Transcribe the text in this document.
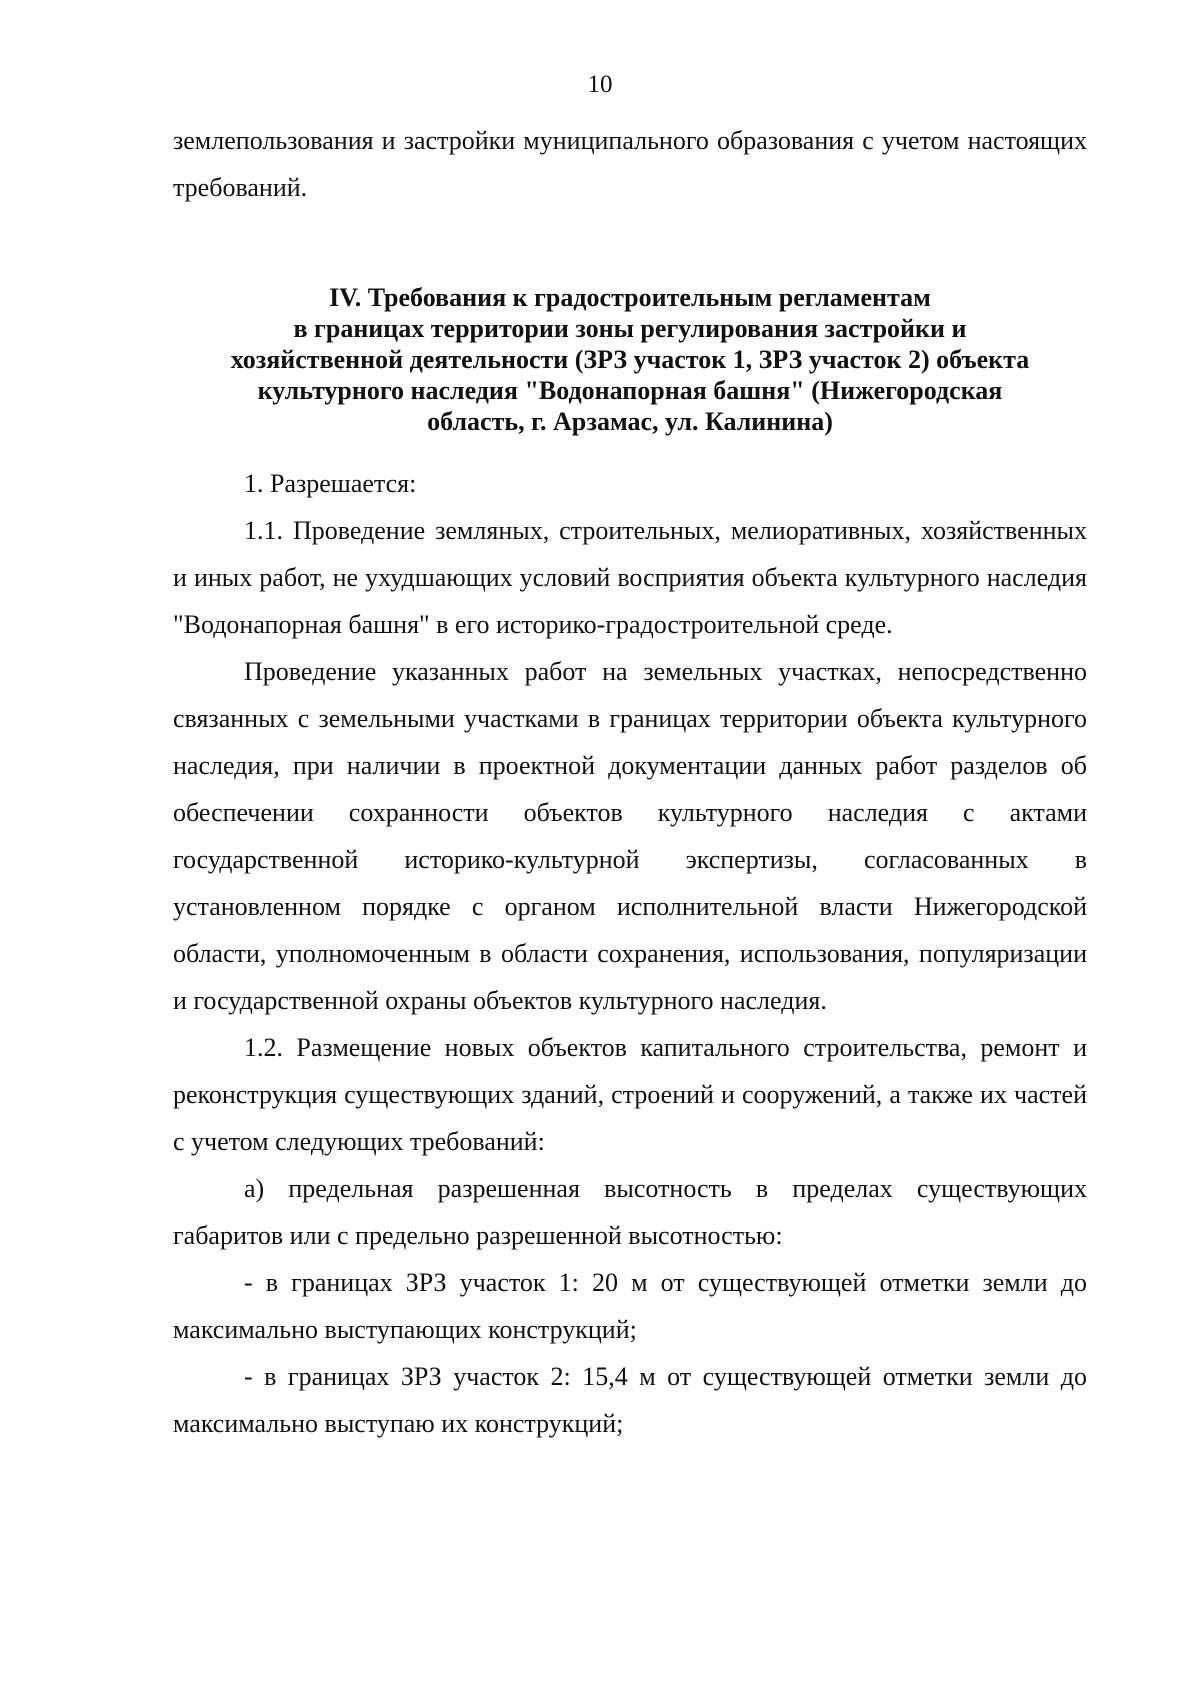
10

землепользования и застройки муниципального образования с учетом настоящих требований.

IV. Требования к градостроительным регламентам
в границах территории зоны регулирования застройки и
хозяйственной деятельности (ЗРЗ участок 1, ЗРЗ участок 2) объекта
культурного наследия "Водонапорная башня" (Нижегородская
область, г. Арзамас, ул. Калинина)

1. Разрешается:

1.1. Проведение земляных, строительных, мелиоративных, хозяйственных и иных работ, не ухудшающих условий восприятия объекта культурного наследия "Водонапорная башня" в его историко-градостроительной среде.

Проведение указанных работ на земельных участках, непосредственно связанных с земельными участками в границах территории объекта культурного наследия, при наличии в проектной документации данных работ разделов об обеспечении сохранности объектов культурного наследия с актами государственной историко-культурной экспертизы, согласованных в установленном порядке с органом исполнительной власти Нижегородской области, уполномоченным в области сохранения, использования, популяризации и государственной охраны объектов культурного наследия.

1.2. Размещение новых объектов капитального строительства, ремонт и реконструкция существующих зданий, строений и сооружений, а также их частей с учетом следующих требований:

а) предельная разрешенная высотность в пределах существующих габаритов или с предельно разрешенной высотностью:

- в границах ЗРЗ участок 1: 20 м от существующей отметки земли до максимально выступающих конструкций;

- в границах ЗРЗ участок 2: 15,4 м от существующей отметки земли до максимально выступаю их конструкций;
